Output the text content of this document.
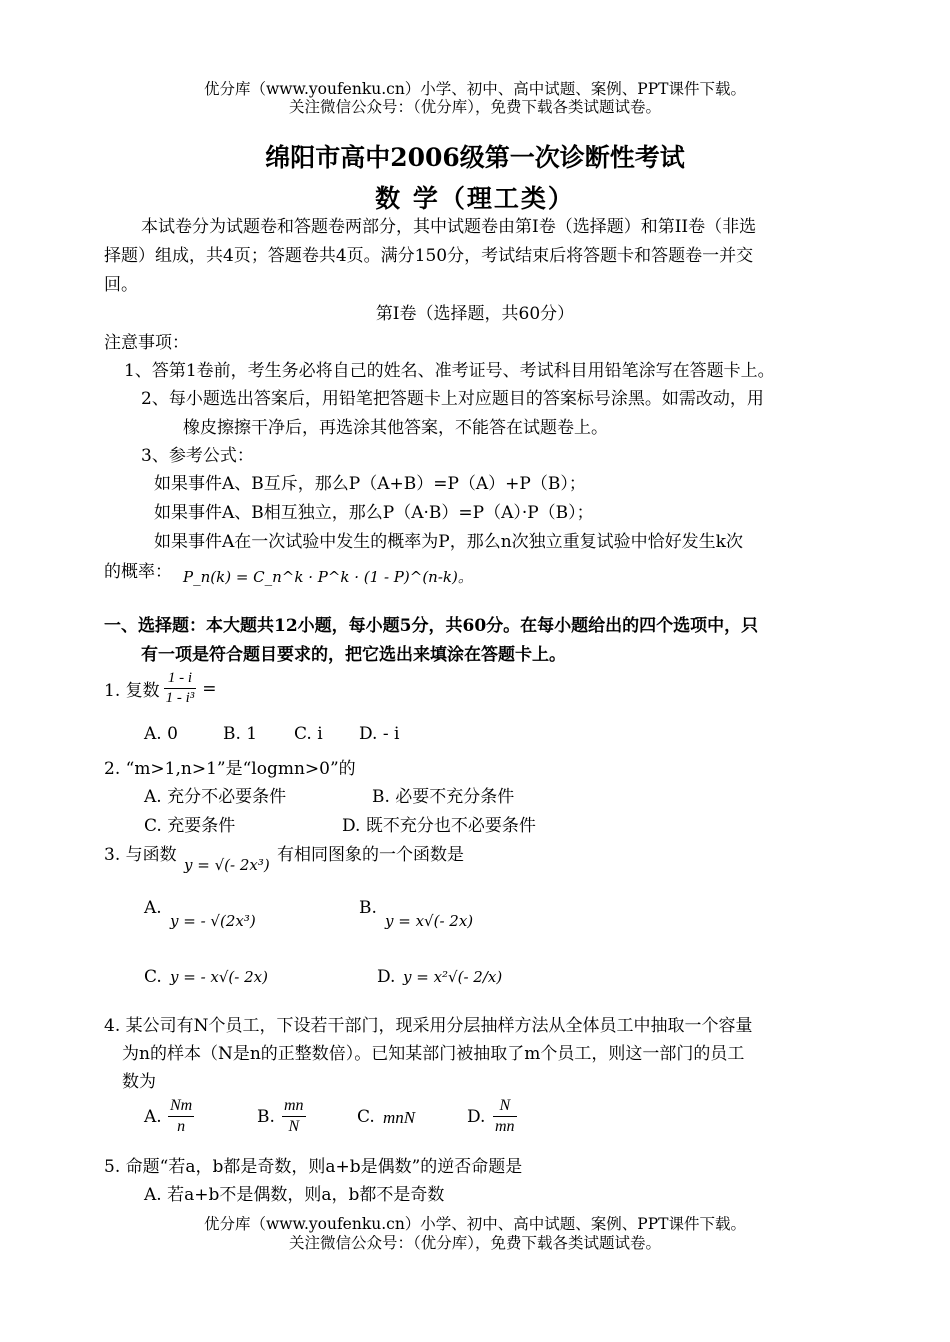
优分库（www.youfenku.cn）小学、初中、高中试题、案例、PPT课件下载。
关注微信公众号：（优分库），免费下载各类试题试卷。
绵阳市高中2006级第一次诊断性考试
数 学（理工类）
本试卷分为试题卷和答题卷两部分，其中试题卷由第I卷（选择题）和第II卷（非选
择题）组成，共4页；答题卷共4页。满分150分，考试结束后将答题卡和答题卷一并交
回。
第I卷（选择题，共60分）
注意事项：
1、答第1卷前，考生务必将自己的姓名、准考证号、考试科目用铅笔涂写在答题卡上。
2、每小题选出答案后，用铅笔把答题卡上对应题目的答案标号涂黑。如需改动，用
橡皮擦擦干净后，再选涂其他答案，不能答在试题卷上。
3、参考公式：
如果事件A、B互斥，那么P（A+B）=P（A）+P（B）；
如果事件A、B相互独立，那么P（A·B）=P（A）·P（B）；
如果事件A在一次试验中发生的概率为P，那么n次独立重复试验中恰好发生k次
的概率： P_n(k) = C_n^k · P^k · (1 - P)^(n-k)。
一、选择题：本大题共12小题，每小题5分，共60分。在每小题给出的四个选项中，只
有一项是符合题目要求的，把它选出来填涂在答题卡上。
1. 复数 $\frac{1 - i}{\text{1 - i³}}$ =
A. 0	B. 1 C. i D. - i
2. “m>1,n>1”是“logmn>0”的
A. 充分不必要条件	B. 必要不充分条件
C. 充要条件	D. 既不充分也不必要条件
3. 与函数 y = √(- 2x³) 有相同图象的一个函数是
A.
y = - √(2x³)
B.
y = x√(- 2x)
C. y = - x√(- 2x)	D. y = x²√(- 2/x)
4. 某公司有N个员工，下设若干部门，现采用分层抽样方法从全体员工中抽取一个容量
为n的样本（N是n的正整数倍）。已知某部门被抽取了m个员工，则这一部门的员工
数为
A. $\frac{Nm}{n}$	B. $\frac{mn}{N}$	C. mnN	D. $\frac{N}{mn}$
5. 命题“若a，b都是奇数，则a+b是偶数”的逆否命题是
A. 若a+b不是偶数，则a，b都不是奇数
优分库（www.youfenku.cn）小学、初中、高中试题、案例、PPT课件下载。
关注微信公众号：（优分库），免费下载各类试题试卷。
